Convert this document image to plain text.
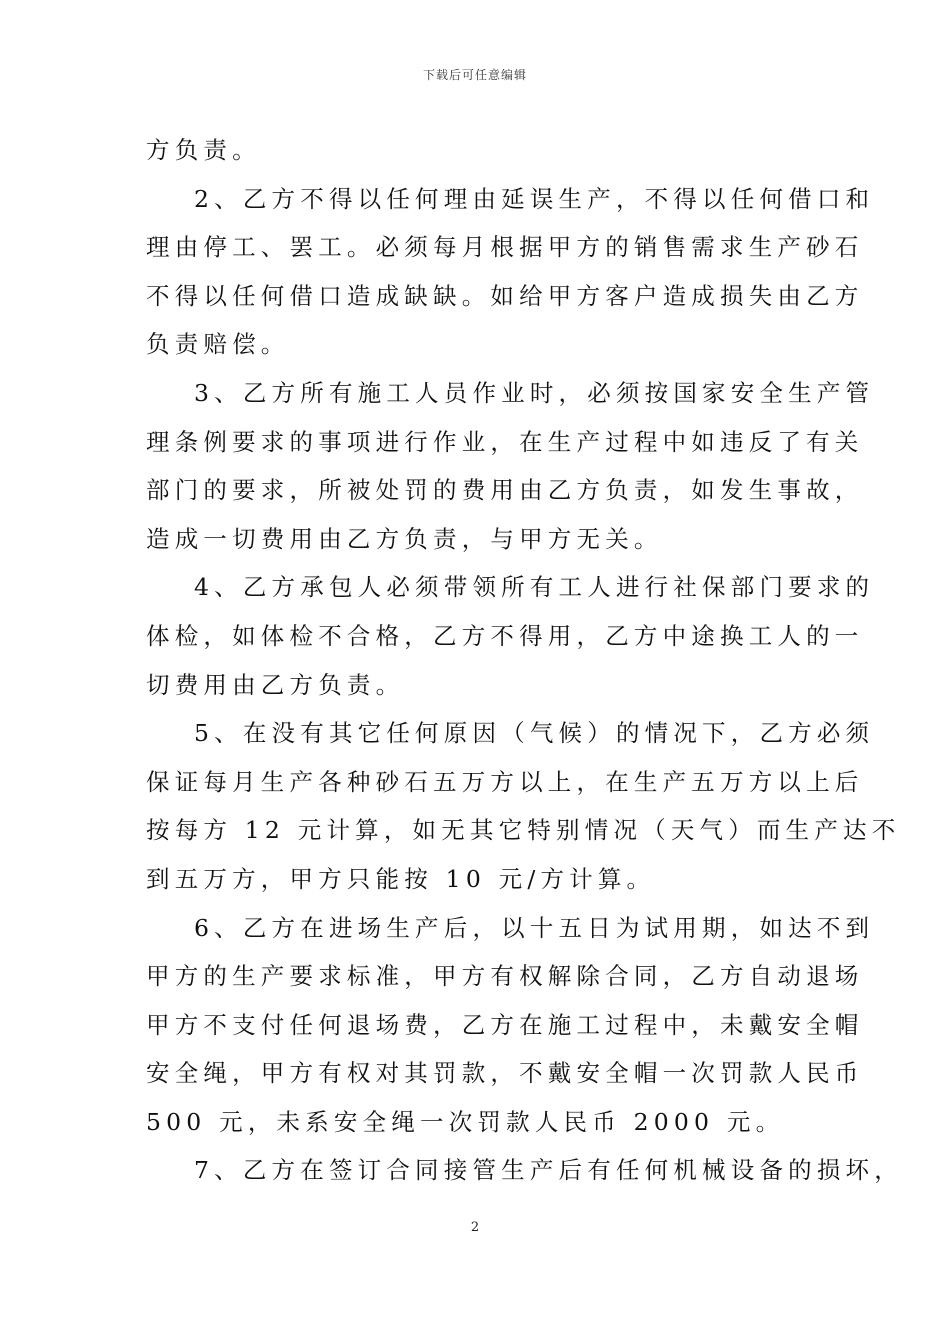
下载后可任意编辑
方负责。
2、乙方不得以任何理由延误生产，不得以任何借口和
理由停工、罢工。必须每月根据甲方的销售需求生产砂石
不得以任何借口造成缺缺。如给甲方客户造成损失由乙方
负责赔偿。
3、乙方所有施工人员作业时，必须按国家安全生产管
理条例要求的事项进行作业，在生产过程中如违反了有关
部门的要求，所被处罚的费用由乙方负责，如发生事故，
造成一切费用由乙方负责，与甲方无关。
4、乙方承包人必须带领所有工人进行社保部门要求的
体检，如体检不合格，乙方不得用，乙方中途换工人的一
切费用由乙方负责。
5、在没有其它任何原因（气候）的情况下，乙方必须
保证每月生产各种砂石五万方以上，在生产五万方以上后
按每方 12 元计算，如无其它特别情况（天气）而生产达不
到五万方，甲方只能按 10 元/方计算。
6、乙方在进场生产后，以十五日为试用期，如达不到
甲方的生产要求标准，甲方有权解除合同，乙方自动退场
甲方不支付任何退场费，乙方在施工过程中，未戴安全帽
安全绳，甲方有权对其罚款，不戴安全帽一次罚款人民币
500 元，未系安全绳一次罚款人民币 2000 元。
7、乙方在签订合同接管生产后有任何机械设备的损坏，
2
